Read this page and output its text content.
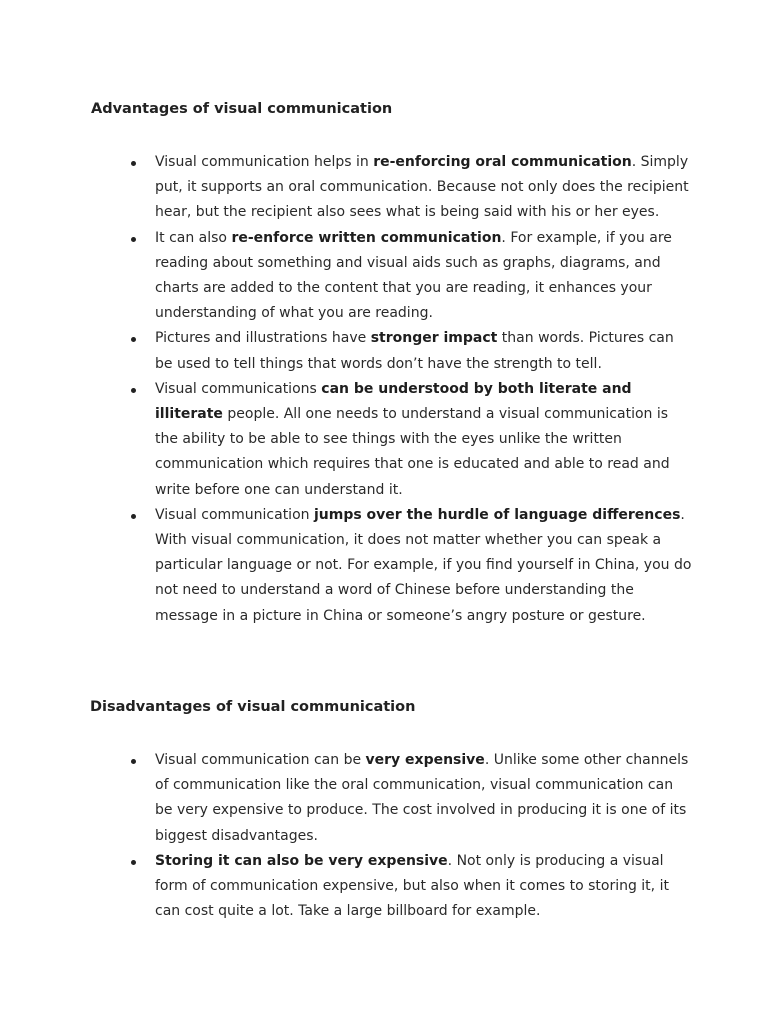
Advantages of visual communication
Visual communication helps in re-enforcing oral communication. Simply put, it supports an oral communication. Because not only does the recipient hear, but the recipient also sees what is being said with his or her eyes.
It can also re-enforce written communication. For example, if you are reading about something and visual aids such as graphs, diagrams, and charts are added to the content that you are reading, it enhances your understanding of what you are reading.
Pictures and illustrations have stronger impact than words. Pictures can be used to tell things that words don’t have the strength to tell.
Visual communications can be understood by both literate and illiterate people. All one needs to understand a visual communication is the ability to be able to see things with the eyes unlike the written communication which requires that one is educated and able to read and write before one can understand it.
Visual communication jumps over the hurdle of language differences. With visual communication, it does not matter whether you can speak a particular language or not. For example, if you find yourself in China, you do not need to understand a word of Chinese before understanding the message in a picture in China or someone’s angry posture or gesture.
Disadvantages of visual communication
Visual communication can be very expensive. Unlike some other channels of communication like the oral communication, visual communication can be very expensive to produce. The cost involved in producing it is one of its biggest disadvantages.
Storing it can also be very expensive. Not only is producing a visual form of communication expensive, but also when it comes to storing it, it can cost quite a lot. Take a large billboard for example.
